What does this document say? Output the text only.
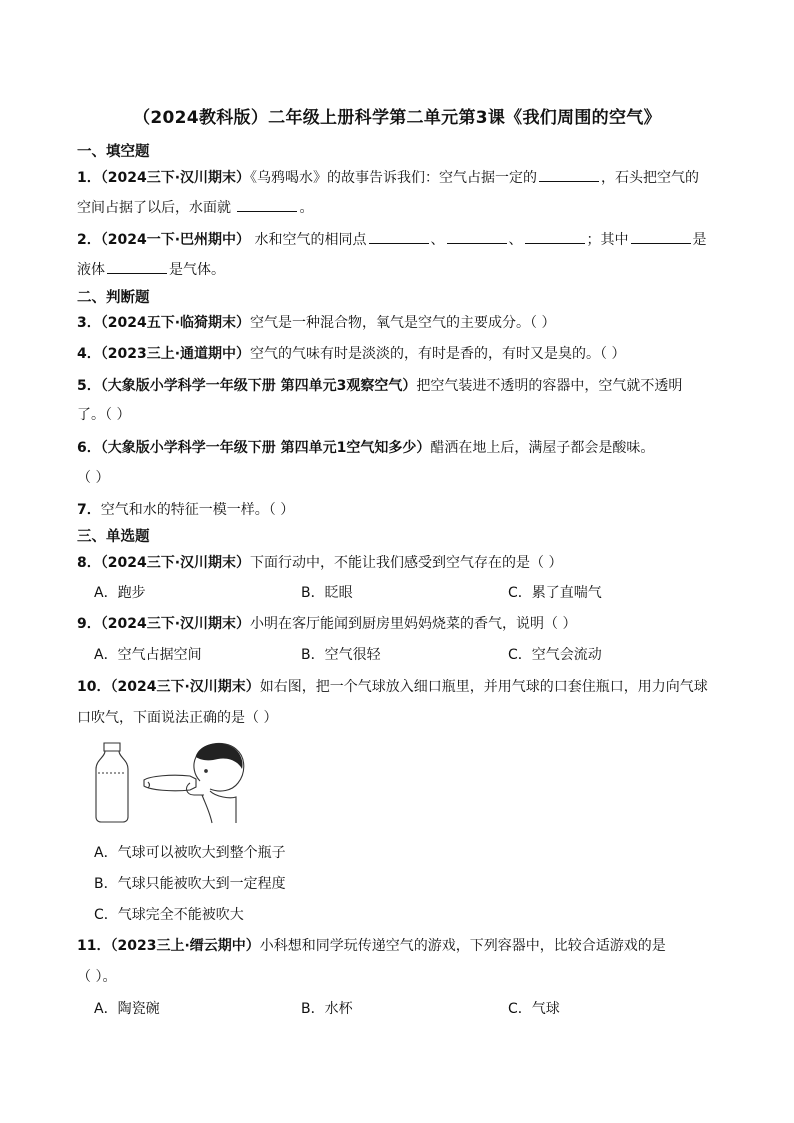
（2024教科版）二年级上册科学第二单元第3课《我们周围的空气》
一、填空题
1．（2024三下·汉川期末）《乌鸦喝水》的故事告诉我们：空气占据一定的	，石头把空气的
空间占据了以后，水面就	。
2．（2024一下·巴州期中） 水和空气的相同点	、	、	；其中	是
液体	是气体。
二、判断题
3．（2024五下·临猗期末）空气是一种混合物，氧气是空气的主要成分。（ ）
4．（2023三上·通道期中）空气的气味有时是淡淡的，有时是香的，有时又是臭的。（ ）
5．（大象版小学科学一年级下册 第四单元3观察空气）把空气装进不透明的容器中，空气就不透明
了。（ ）
6．（大象版小学科学一年级下册 第四单元1空气知多少）醋洒在地上后，满屋子都会是酸味。
（ ）
7．空气和水的特征一模一样。（ ）
三、单选题
8．（2024三下·汉川期末）下面行动中，不能让我们感受到空气存在的是（ ）
A．跑步	B．眨眼	C．累了直喘气
9．（2024三下·汉川期末）小明在客厅能闻到厨房里妈妈烧菜的香气，说明（ ）
A．空气占据空间	B．空气很轻	C．空气会流动
10．（2024三下·汉川期末）如右图，把一个气球放入细口瓶里，并用气球的口套住瓶口，用力向气球
口吹气，下面说法正确的是（ ）
A．气球可以被吹大到整个瓶子
B．气球只能被吹大到一定程度
C．气球完全不能被吹大
11．（2023三上·缙云期中）小科想和同学玩传递空气的游戏，下列容器中，比较合适游戏的是
（ ）。
A．陶瓷碗	B．水杯	C．气球
